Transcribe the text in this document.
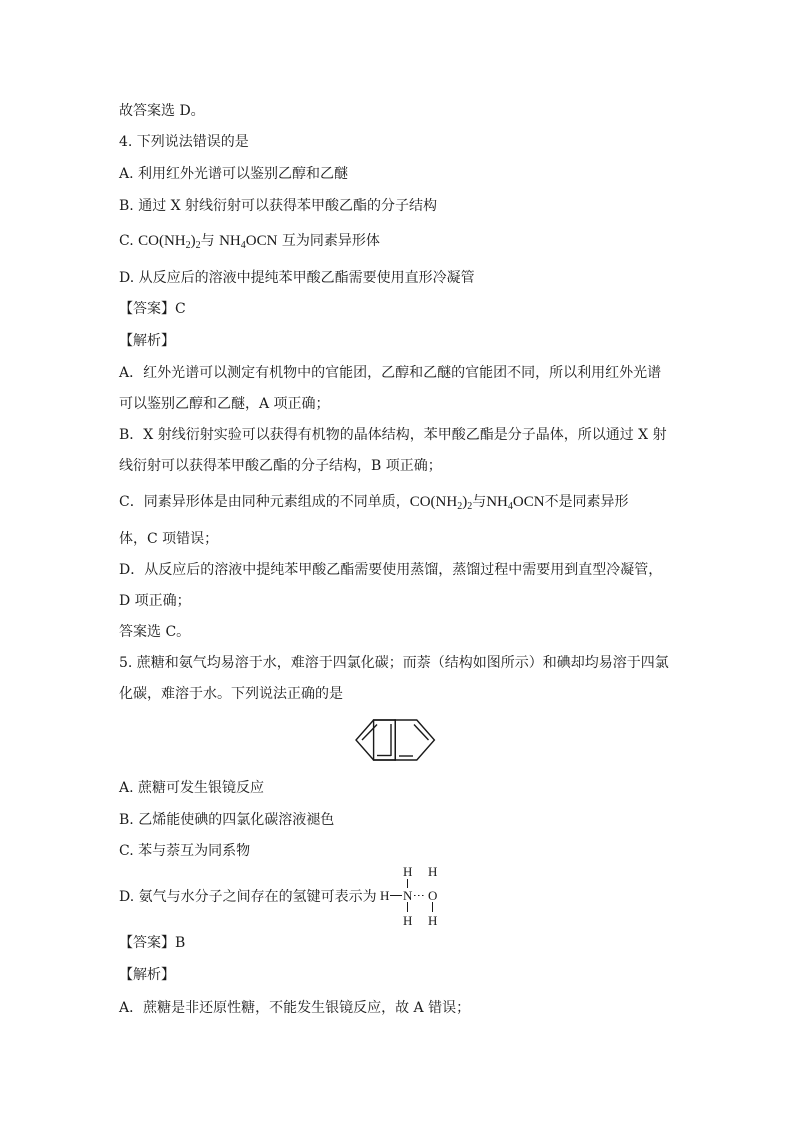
故答案选 D。
4. 下列说法错误的是
A. 利用红外光谱可以鉴别乙醇和乙醚
B. 通过 X 射线衍射可以获得苯甲酸乙酯的分子结构
C. $CO(NH_2)_2$与 $NH_4OCN$ 互为同素异形体
D. 从反应后的溶液中提纯苯甲酸乙酯需要使用直形冷凝管
【答案】C
【解析】
A．红外光谱可以测定有机物中的官能团，乙醇和乙醚的官能团不同，所以利用红外光谱
可以鉴别乙醇和乙醚，A 项正确；
B．X 射线衍射实验可以获得有机物的晶体结构，苯甲酸乙酯是分子晶体，所以通过 X 射
线衍射可以获得苯甲酸乙酯的分子结构，B 项正确；
C．同素异形体是由同种元素组成的不同单质，$CO(NH_2)_2$与$NH_4OCN$不是同素异形
体，C 项错误；
D．从反应后的溶液中提纯苯甲酸乙酯需要使用蒸馏，蒸馏过程中需要用到直型冷凝管，
D 项正确；
答案选 C。
5. 蔗糖和氨气均易溶于水，难溶于四氯化碳；而萘（结构如图所示）和碘却均易溶于四氯
化碳，难溶于水。下列说法正确的是
A. 蔗糖可发生银镜反应
B. 乙烯能使碘的四氯化碳溶液褪色
C. 苯与萘互为同系物
D. 氨气与水分子之间存在的氢键可表示为
H H
H N O
H H
【答案】B
【解析】
A．蔗糖是非还原性糖，不能发生银镜反应，故 A 错误；
